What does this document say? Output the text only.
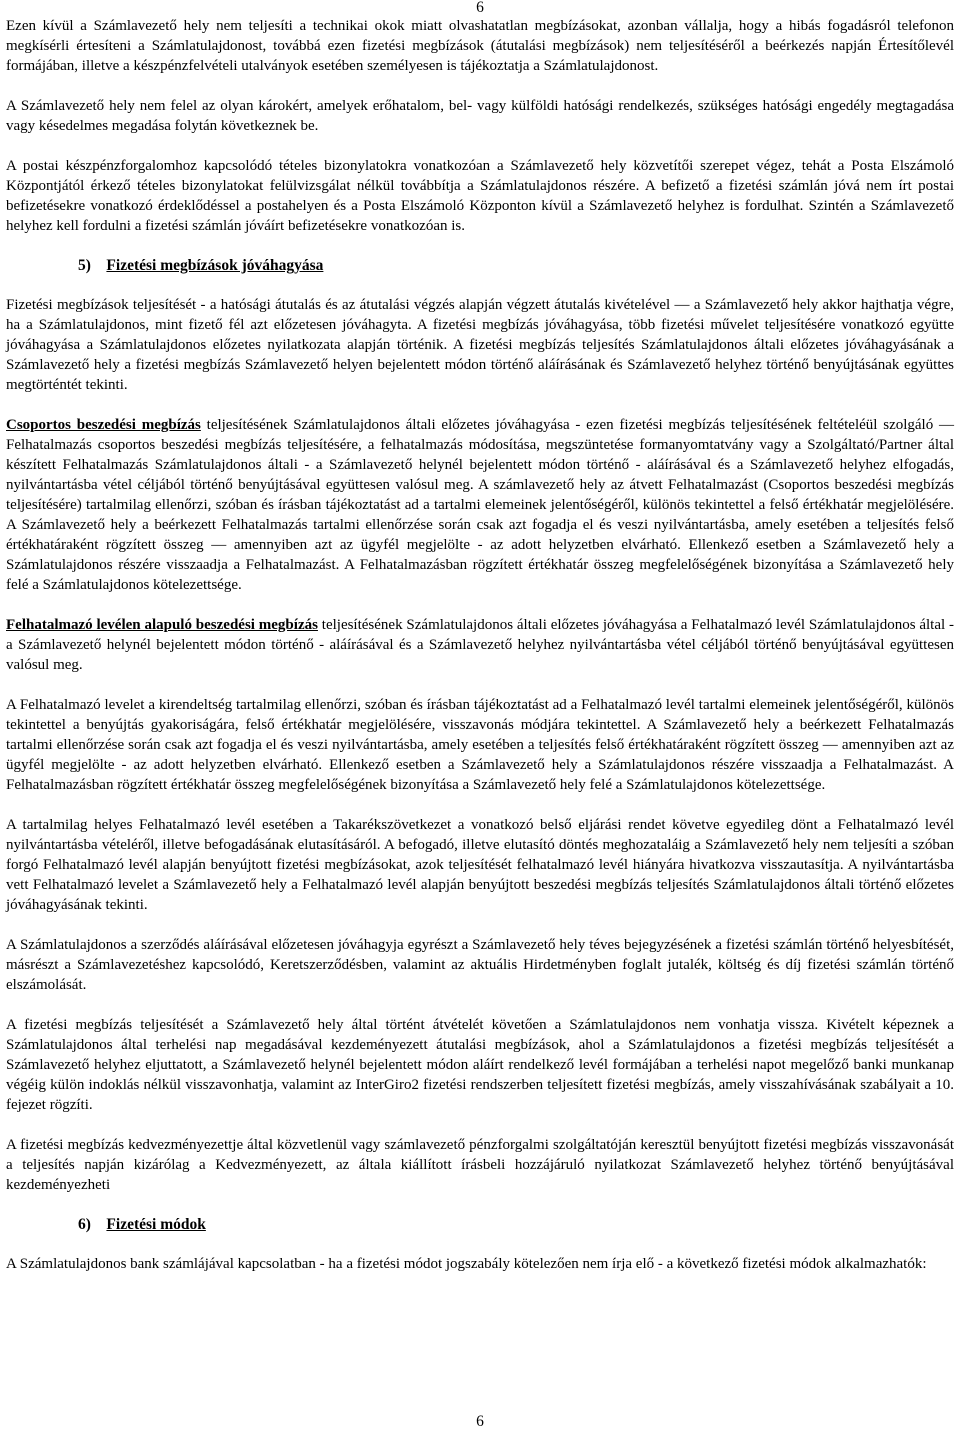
6

Ezen kívül a Számlavezető hely nem teljesíti a technikai okok miatt olvashatatlan megbízásokat, azonban vállalja, hogy a hibás fogadásról telefonon megkísérli értesíteni a Számlatulajdonost, továbbá ezen fizetési megbízások (átutalási megbízások) nem teljesítéséről a beérkezés napján Értesítőlevél formájában, illetve a készpénzfelvételi utalványok esetében személyesen is tájékoztatja a Számlatulajdonost.

A Számlavezető hely nem felel az olyan károkért, amelyek erőhatalom, bel- vagy külföldi hatósági rendelkezés, szükséges hatósági engedély megtagadása vagy késedelmes megadása folytán következnek be.

A postai készpénzforgalomhoz kapcsolódó tételes bizonylatokra vonatkozóan a Számlavezető hely közvetítői szerepet végez, tehát a Posta Elszámoló Központjától érkező tételes bizonylatokat felülvizsgálat nélkül továbbítja a Számlatulajdonos részére. A befizető a fizetési számlán jóvá nem írt postai befizetésekre vonatkozó érdeklődéssel a postahelyen és a Posta Elszámoló Központon kívül a Számlavezető helyhez is fordulhat. Szintén a Számlavezető helyhez kell fordulni a fizetési számlán jóváírt befizetésekre vonatkozóan is.

5) Fizetési megbízások jóváhagyása

Fizetési megbízások teljesítését - a hatósági átutalás és az átutalási végzés alapján végzett átutalás kivételével — a Számlavezető hely akkor hajthatja végre, ha a Számlatulajdonos, mint fizető fél azt előzetesen jóváhagyta. A fizetési megbízás jóváhagyása, több fizetési művelet teljesítésére vonatkozó együtte jóváhagyása a Számlatulajdonos előzetes nyilatkozata alapján történik. A fizetési megbízás teljesítés Számlatulajdonos általi előzetes jóváhagyásának a Számlavezető hely a fizetési megbízás Számlavezető helyen bejelentett módon történő aláírásának és Számlavezető helyhez történő benyújtásának együttes megtörténtét tekinti.

Csoportos beszedési megbízás teljesítésének Számlatulajdonos általi előzetes jóváhagyása - ezen fizetési megbízás teljesítésének feltételéül szolgáló — Felhatalmazás csoportos beszedési megbízás teljesítésére, a felhatalmazás módosítása, megszüntetése formanyomtatvány vagy a Szolgáltató/Partner által készített Felhatalmazás Számlatulajdonos általi - a Számlavezető helynél bejelentett módon történő - aláírásával és a Számlavezető helyhez elfogadás, nyilvántartásba vétel céljából történő benyújtásával együttesen valósul meg. A számlavezető hely az átvett Felhatalmazást (Csoportos beszedési megbízás teljesítésére) tartalmilag ellenőrzi, szóban és írásban tájékoztatást ad a tartalmi elemeinek jelentőségéről, különös tekintettel a felső értékhatár megjelölésére. A Számlavezető hely a beérkezett Felhatalmazás tartalmi ellenőrzése során csak azt fogadja el és veszi nyilvántartásba, amely esetében a teljesítés felső értékhatáraként rögzített összeg — amennyiben azt az ügyfél megjelölte - az adott helyzetben elvárható. Ellenkező esetben a Számlavezető hely a Számlatulajdonos részére visszaadja a Felhatalmazást. A Felhatalmazásban rögzített értékhatár összeg megfelelőségének bizonyítása a Számlavezető hely felé a Számlatulajdonos kötelezettsége.

Felhatalmazó levélen alapuló beszedési megbízás teljesítésének Számlatulajdonos általi előzetes jóváhagyása a Felhatalmazó levél Számlatulajdonos által - a Számlavezető helynél bejelentett módon történő - aláírásával és a Számlavezető helyhez nyilvántartásba vétel céljából történő benyújtásával együttesen valósul meg.

A Felhatalmazó levelet a kirendeltség tartalmilag ellenőrzi, szóban és írásban tájékoztatást ad a Felhatalmazó levél tartalmi elemeinek jelentőségéről, különös tekintettel a benyújtás gyakoriságára, felső értékhatár megjelölésére, visszavonás módjára tekintettel. A Számlavezető hely a beérkezett Felhatalmazás tartalmi ellenőrzése során csak azt fogadja el és veszi nyilvántartásba, amely esetében a teljesítés felső értékhatáraként rögzített összeg — amennyiben azt az ügyfél megjelölte - az adott helyzetben elvárható. Ellenkező esetben a Számlavezető hely a Számlatulajdonos részére visszaadja a Felhatalmazást. A Felhatalmazásban rögzített értékhatár összeg megfelelőségének bizonyítása a Számlavezető hely felé a Számlatulajdonos kötelezettsége.

A tartalmilag helyes Felhatalmazó levél esetében a Takarékszövetkezet a vonatkozó belső eljárási rendet követve egyedileg dönt a Felhatalmazó levél nyilvántartásba vételéről, illetve befogadásának elutasításáról. A befogadó, illetve elutasító döntés meghozataláig a Számlavezető hely nem teljesíti a szóban forgó Felhatalmazó levél alapján benyújtott fizetési megbízásokat, azok teljesítését felhatalmazó levél hiányára hivatkozva visszautasítja. A nyilvántartásba vett Felhatalmazó levelet a Számlavezető hely a Felhatalmazó levél alapján benyújtott beszedési megbízás teljesítés Számlatulajdonos általi történő előzetes jóváhagyásának tekinti.

A Számlatulajdonos a szerződés aláírásával előzetesen jóváhagyja egyrészt a Számlavezető hely téves bejegyzésének a fizetési számlán történő helyesbítését, másrészt a Számlavezetéshez kapcsolódó, Keretszerződésben, valamint az aktuális Hirdetményben foglalt jutalék, költség és díj fizetési számlán történő elszámolását.

A fizetési megbízás teljesítését a Számlavezető hely által történt átvételét követően a Számlatulajdonos nem vonhatja vissza. Kivételt képeznek a Számlatulajdonos által terhelési nap megadásával kezdeményezett átutalási megbízások, ahol a Számlatulajdonos a fizetési megbízás teljesítését a Számlavezető helyhez eljuttatott, a Számlavezető helynél bejelentett módon aláírt rendelkező levél formájában a terhelési napot megelőző banki munkanap végéig külön indoklás nélkül visszavonhatja, valamint az InterGiro2 fizetési rendszerben teljesített fizetési megbízás, amely visszahívásának szabályait a 10. fejezet rögzíti.

A fizetési megbízás kedvezményezettje által közvetlenül vagy számlavezető pénzforgalmi szolgáltatóján keresztül benyújtott fizetési megbízás visszavonását a teljesítés napján kizárólag a Kedvezményezett, az általa kiállított írásbeli hozzájáruló nyilatkozat Számlavezető helyhez történő benyújtásával kezdeményezheti

6) Fizetési módok

A Számlatulajdonos bank számlájával kapcsolatban - ha a fizetési módot jogszabály kötelezően nem írja elő - a következő fizetési módok alkalmazhatók:

6
